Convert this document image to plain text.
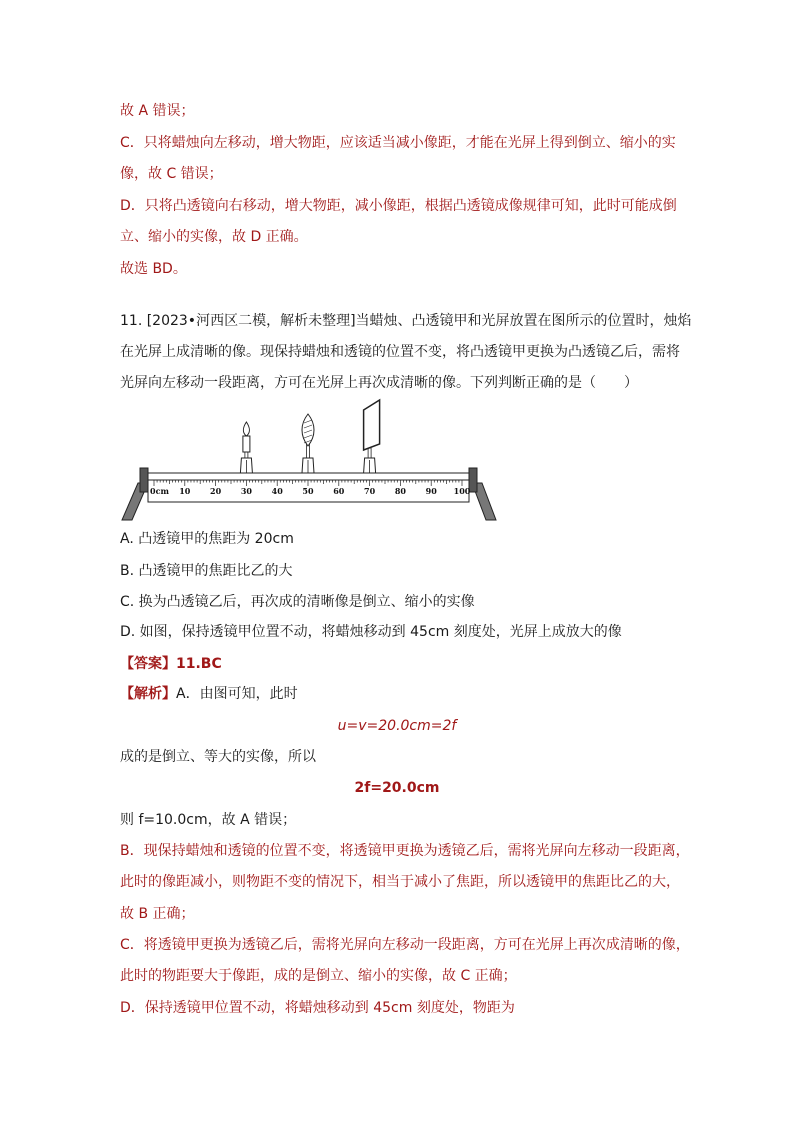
故 A 错误；
C．只将蜡烛向左移动，增大物距，应该适当减小像距，才能在光屏上得到倒立、缩小的实
像，故 C 错误；
D．只将凸透镜向右移动，增大物距，减小像距，根据凸透镜成像规律可知，此时可能成倒
立、缩小的实像，故 D 正确。
故选 BD。
11. [2023•河西区二模，解析未整理]当蜡烛、凸透镜甲和光屏放置在图所示的位置时，烛焰
在光屏上成清晰的像。现保持蜡烛和透镜的位置不变，将凸透镜甲更换为凸透镜乙后，需将
光屏向左移动一段距离，方可在光屏上再次成清晰的像。下列判断正确的是（　　）
0cm 10 20 30 40 50 60 70 80 90 100
A. 凸透镜甲的焦距为 20cm
B. 凸透镜甲的焦距比乙的大
C. 换为凸透镜乙后，再次成的清晰像是倒立、缩小的实像
D. 如图，保持透镜甲位置不动，将蜡烛移动到 45cm 刻度处，光屏上成放大的像
【答案】11.BC
【解析】A．由图可知，此时
u=v=20.0cm=2f
成的是倒立、等大的实像，所以
2f=20.0cm
则 f=10.0cm，故 A 错误；
B．现保持蜡烛和透镜的位置不变，将透镜甲更换为透镜乙后，需将光屏向左移动一段距离，
此时的像距减小，则物距不变的情况下，相当于减小了焦距，所以透镜甲的焦距比乙的大，
故 B 正确；
C．将透镜甲更换为透镜乙后，需将光屏向左移动一段距离，方可在光屏上再次成清晰的像，
此时的物距要大于像距，成的是倒立、缩小的实像，故 C 正确；
D．保持透镜甲位置不动，将蜡烛移动到 45cm 刻度处，物距为
